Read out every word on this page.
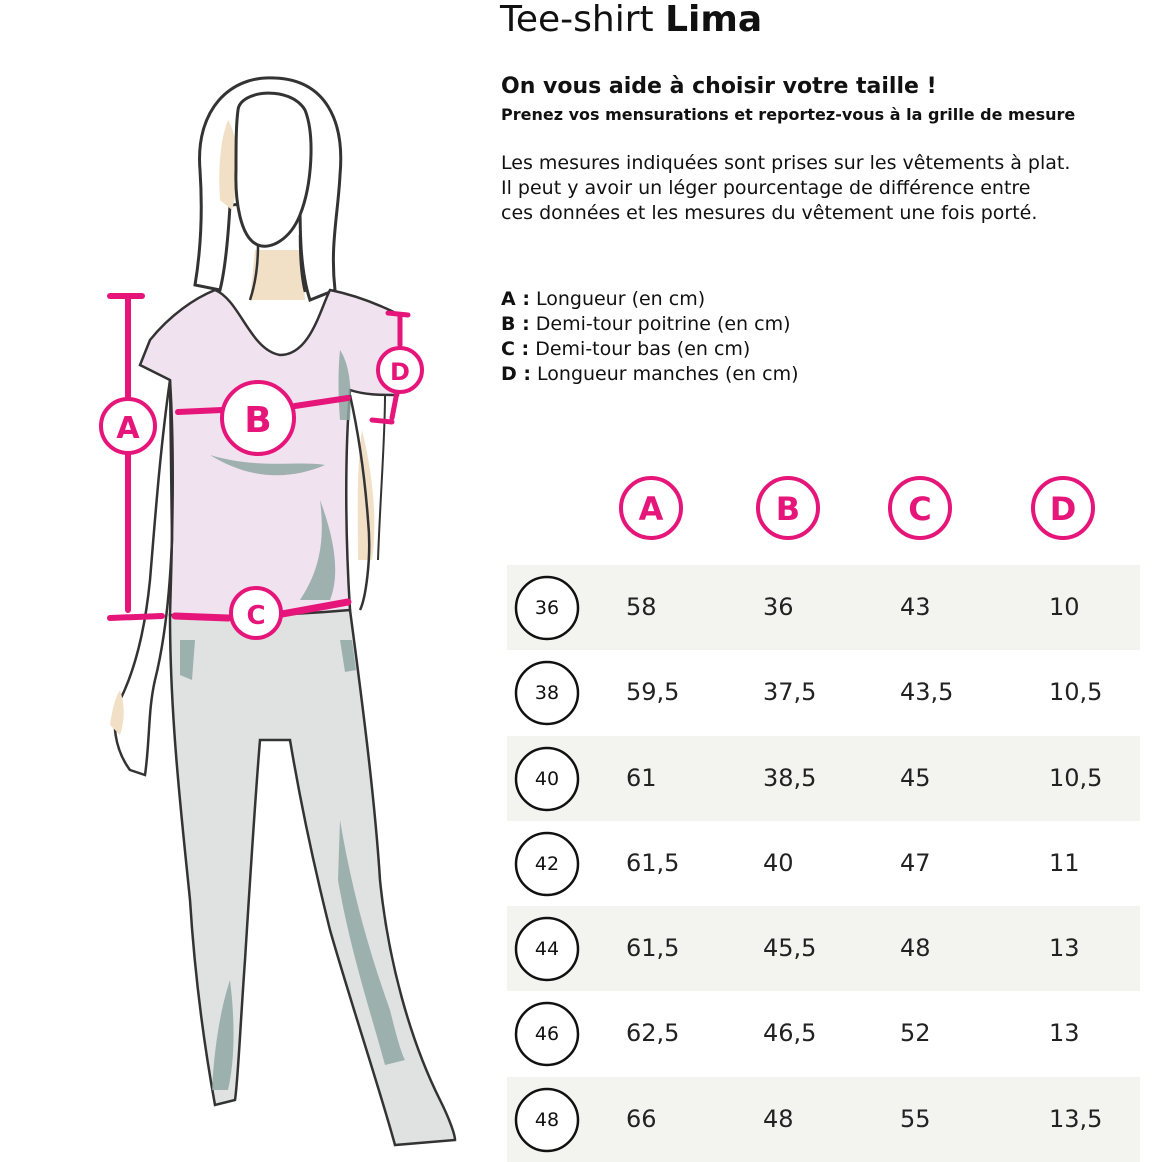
A	B
C
D
Tee-shirt Lima
On vous aide à choisir votre taille !

Prenez vos mensurations et reportez-vous à la grille de mesure

Les mesures indiquées sont prises sur les vêtements à plat.
Il peut y avoir un léger pourcentage de différence entre
ces données et les mesures du vêtement une fois porté.

A : Longueur (en cm)
B : Demi-tour poitrine (en cm)
C : Demi-tour bas (en cm)
D : Longueur manches (en cm)
A	B	C	D
36	58	36	43	10
38	59,5	37,5	43,5	10,5
40	61	38,5	45	10,5
42	61,5	40	47	11
44	61,5	45,5	48	13
46	62,5	46,5	52	13
48	66	48	55	13,5
